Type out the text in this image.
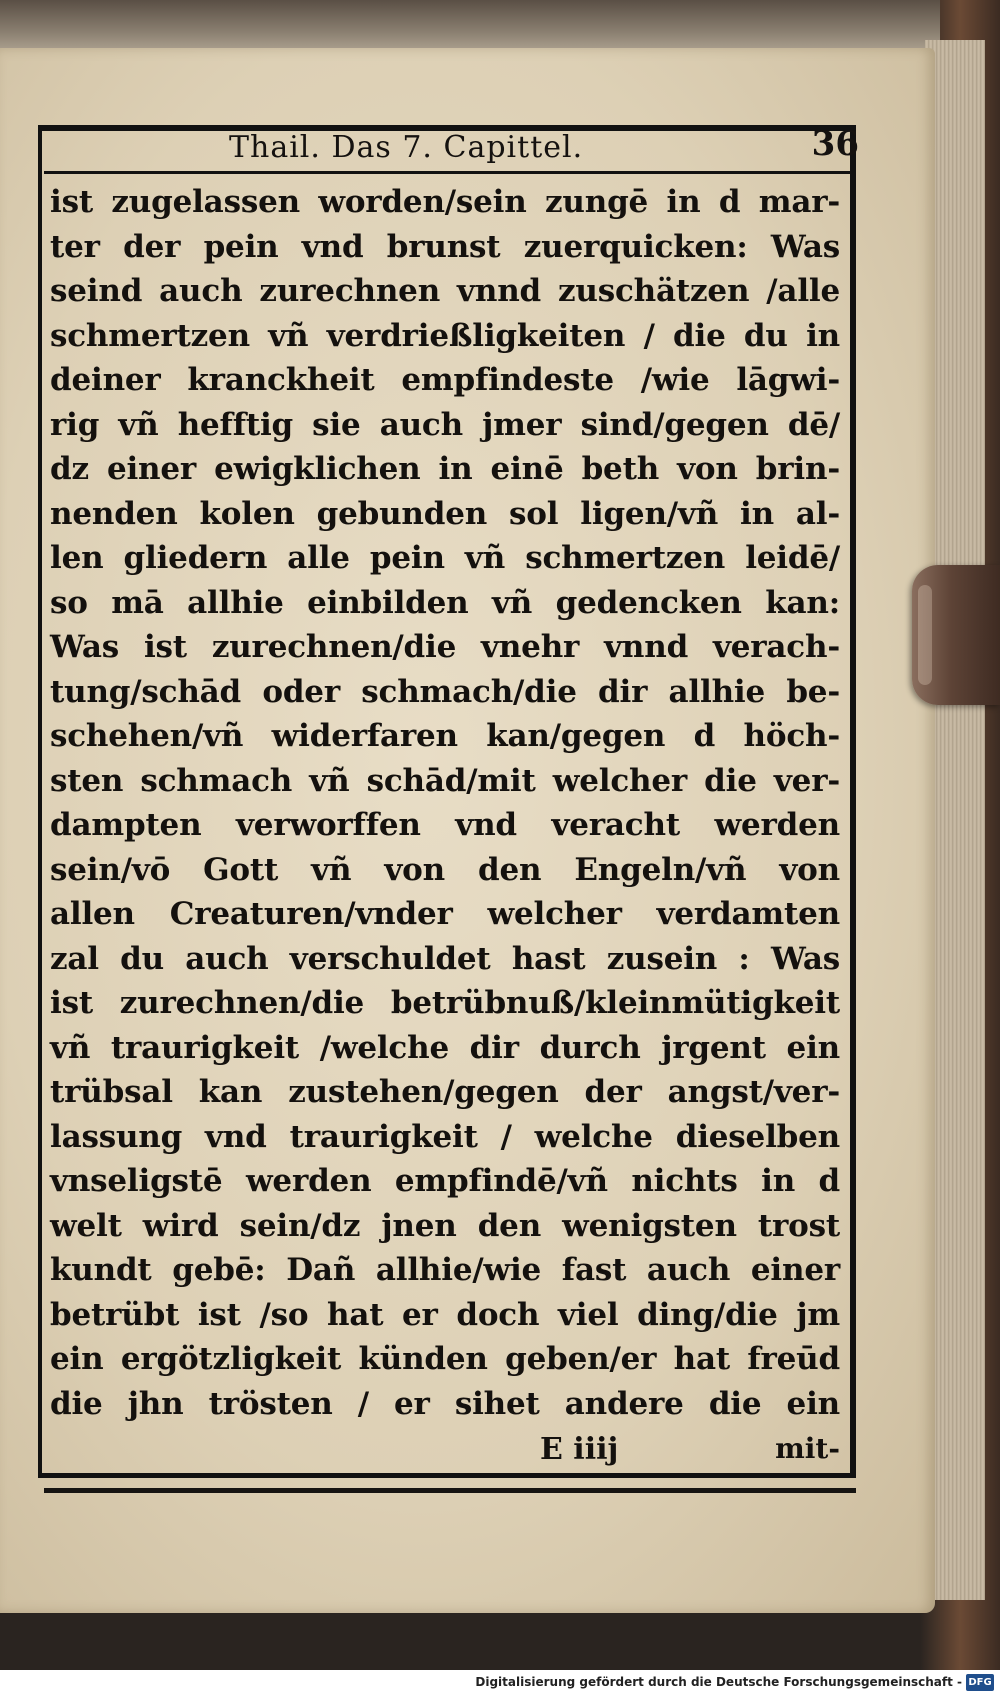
Thail. Das 7. Capittel.	36
ist zugelassen worden/sein zungē in d mar-
ter der pein vnd brunst zuerquicken: Was
seind auch zurechnen vnnd zuschätzen /alle
schmertzen vñ verdrießligkeiten / die du in
deiner kranckheit empfindeste /wie lāgwi-
rig vñ hefftig sie auch jmer sind/gegen dē/
dz einer ewigklichen in einē beth von brin-
nenden kolen gebunden sol ligen/vñ in al-
len gliedern alle pein vñ schmertzen leidē/
so mā allhie einbilden vñ gedencken kan:
Was ist zurechnen/die vnehr vnnd verach-
tung/schād oder schmach/die dir allhie be-
schehen/vñ widerfaren kan/gegen d höch-
sten schmach vñ schād/mit welcher die ver-
dampten verworffen vnd veracht werden
sein/vō Gott vñ von den Engeln/vñ von
allen Creaturen/vnder welcher verdamten
zal du auch verschuldet hast zusein : Was
ist zurechnen/die betrübnuß/kleinmütigkeit
vñ traurigkeit /welche dir durch jrgent ein
trübsal kan zustehen/gegen der angst/ver-
lassung vnd traurigkeit / welche dieselben
vnseligstē werden empfindē/vñ nichts in d
welt wird sein/dz jnen den wenigsten trost
kundt gebē: Dañ allhie/wie fast auch einer
betrübt ist /so hat er doch viel ding/die jm
ein ergötzligkeit künden geben/er hat freūd
die jhn trösten / er sihet andere die ein
E iiij	mit-
Digitalisierung gefördert durch die Deutsche Forschungsgemeinschaft - DFG
